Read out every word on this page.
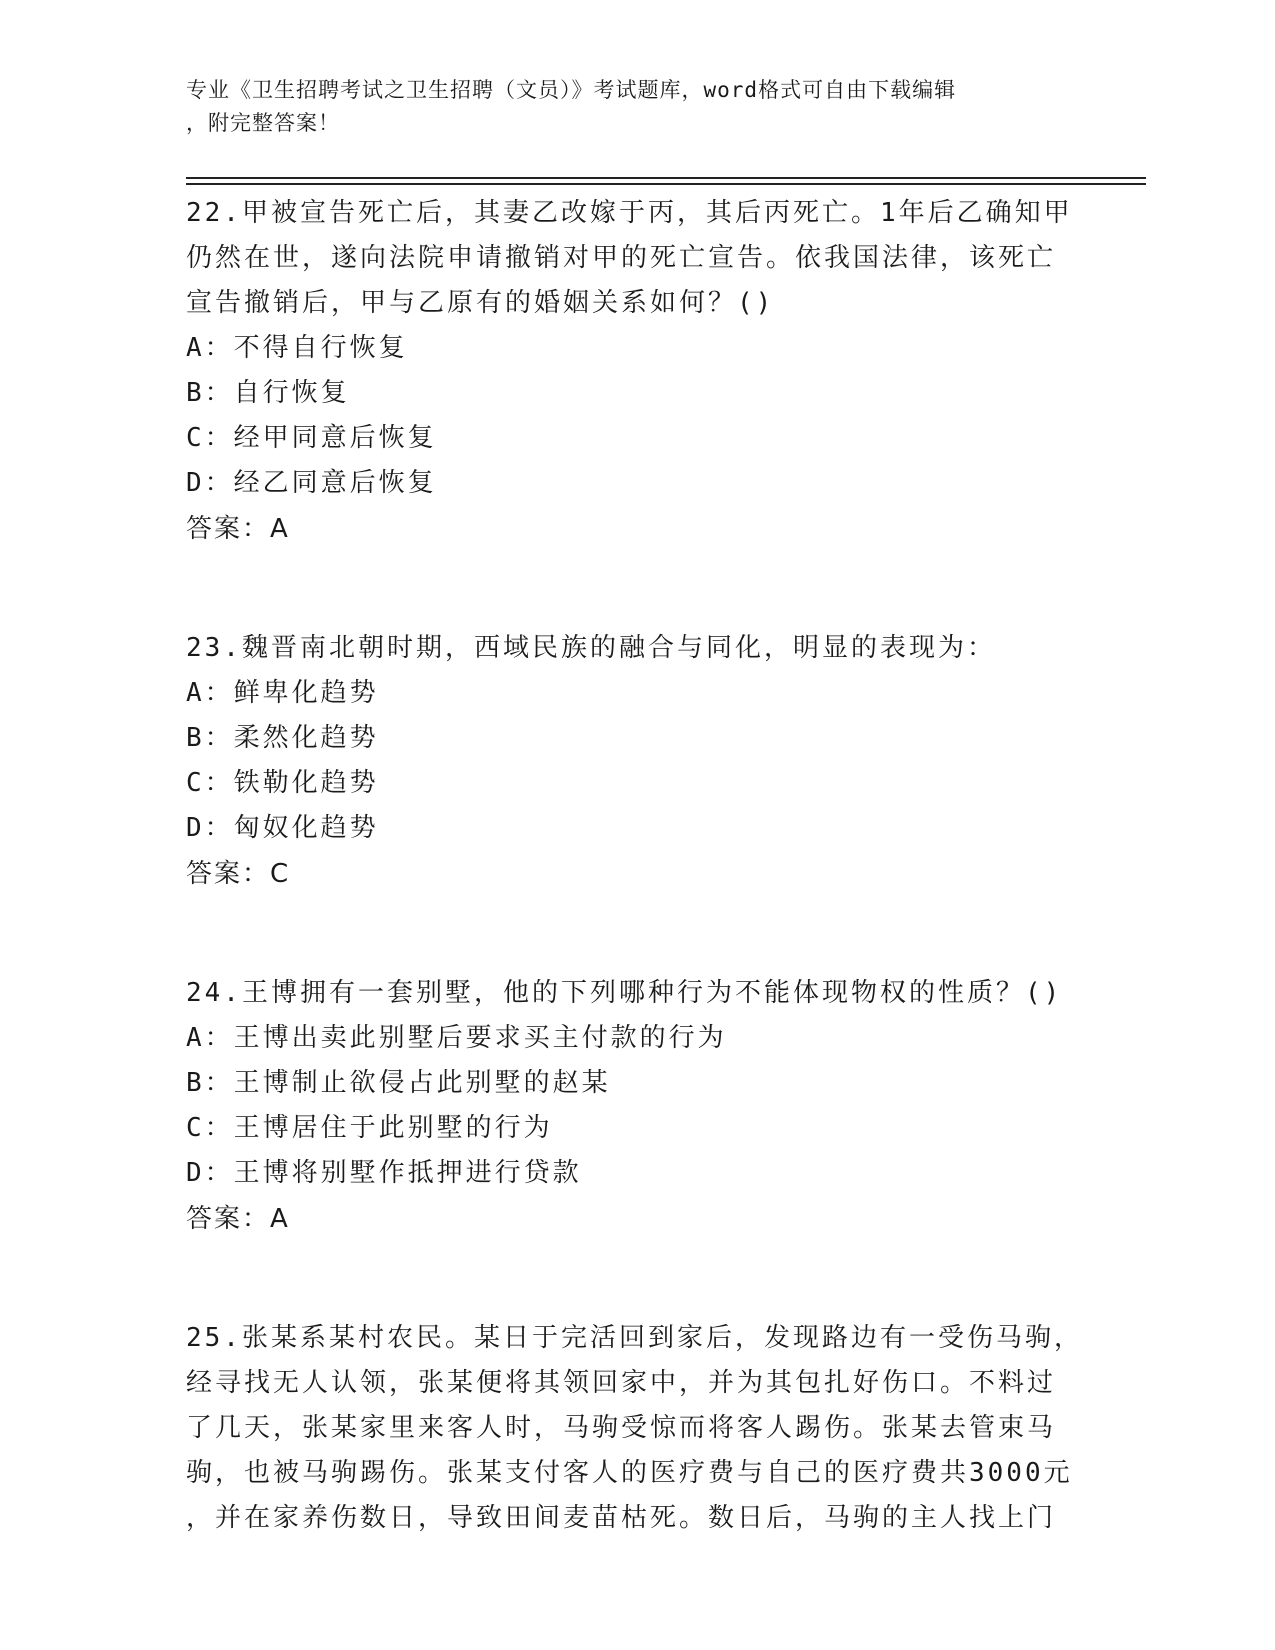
专业《卫生招聘考试之卫生招聘（文员）》考试题库，word格式可自由下载编辑
，附完整答案！
22.甲被宣告死亡后，其妻乙改嫁于丙，其后丙死亡。1年后乙确知甲
仍然在世，遂向法院申请撤销对甲的死亡宣告。依我国法律，该死亡
宣告撤销后，甲与乙原有的婚姻关系如何？()
A：不得自行恢复
B：自行恢复
C：经甲同意后恢复
D：经乙同意后恢复
答案：A
23.魏晋南北朝时期，西域民族的融合与同化，明显的表现为：
A：鲜卑化趋势
B：柔然化趋势
C：铁勒化趋势
D：匈奴化趋势
答案：C
24.王博拥有一套别墅，他的下列哪种行为不能体现物权的性质？()
A：王博出卖此别墅后要求买主付款的行为
B：王博制止欲侵占此别墅的赵某
C：王博居住于此别墅的行为
D：王博将别墅作抵押进行贷款
答案：A
25.张某系某村农民。某日于完活回到家后，发现路边有一受伤马驹，
经寻找无人认领，张某便将其领回家中，并为其包扎好伤口。不料过
了几天，张某家里来客人时，马驹受惊而将客人踢伤。张某去管束马
驹，也被马驹踢伤。张某支付客人的医疗费与自己的医疗费共3000元
，并在家养伤数日，导致田间麦苗枯死。数日后，马驹的主人找上门
